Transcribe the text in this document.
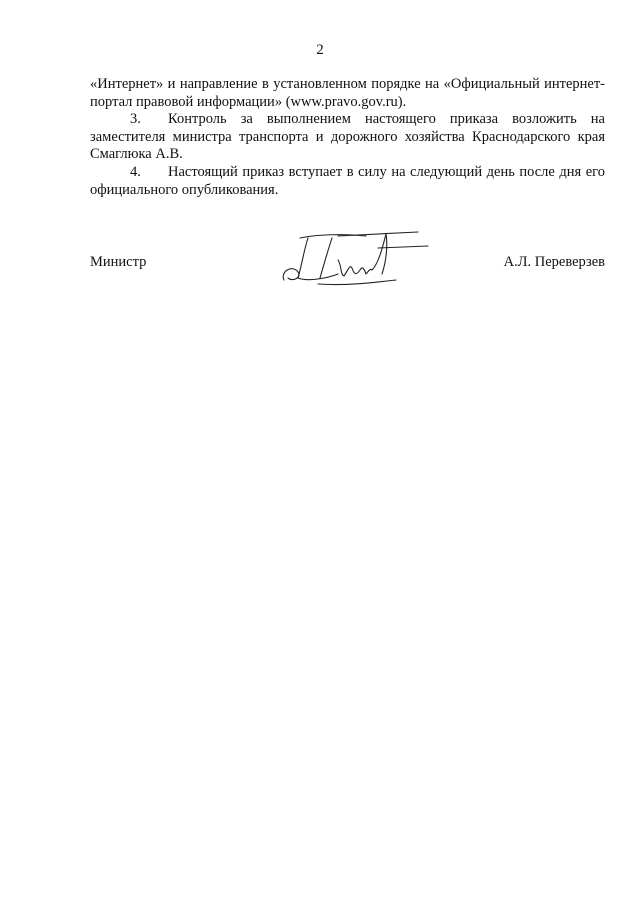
2

«Интернет» и направление в установленном порядке на «Официальный интернет-портал правовой информации» (www.pravo.gov.ru).

3. Контроль за выполнением настоящего приказа возложить на заместителя министра транспорта и дорожного хозяйства Краснодарского края Смаглюка А.В.

4. Настоящий приказ вступает в силу на следующий день после дня его официального опубликования.

Министр	А.Л. Переверзев
